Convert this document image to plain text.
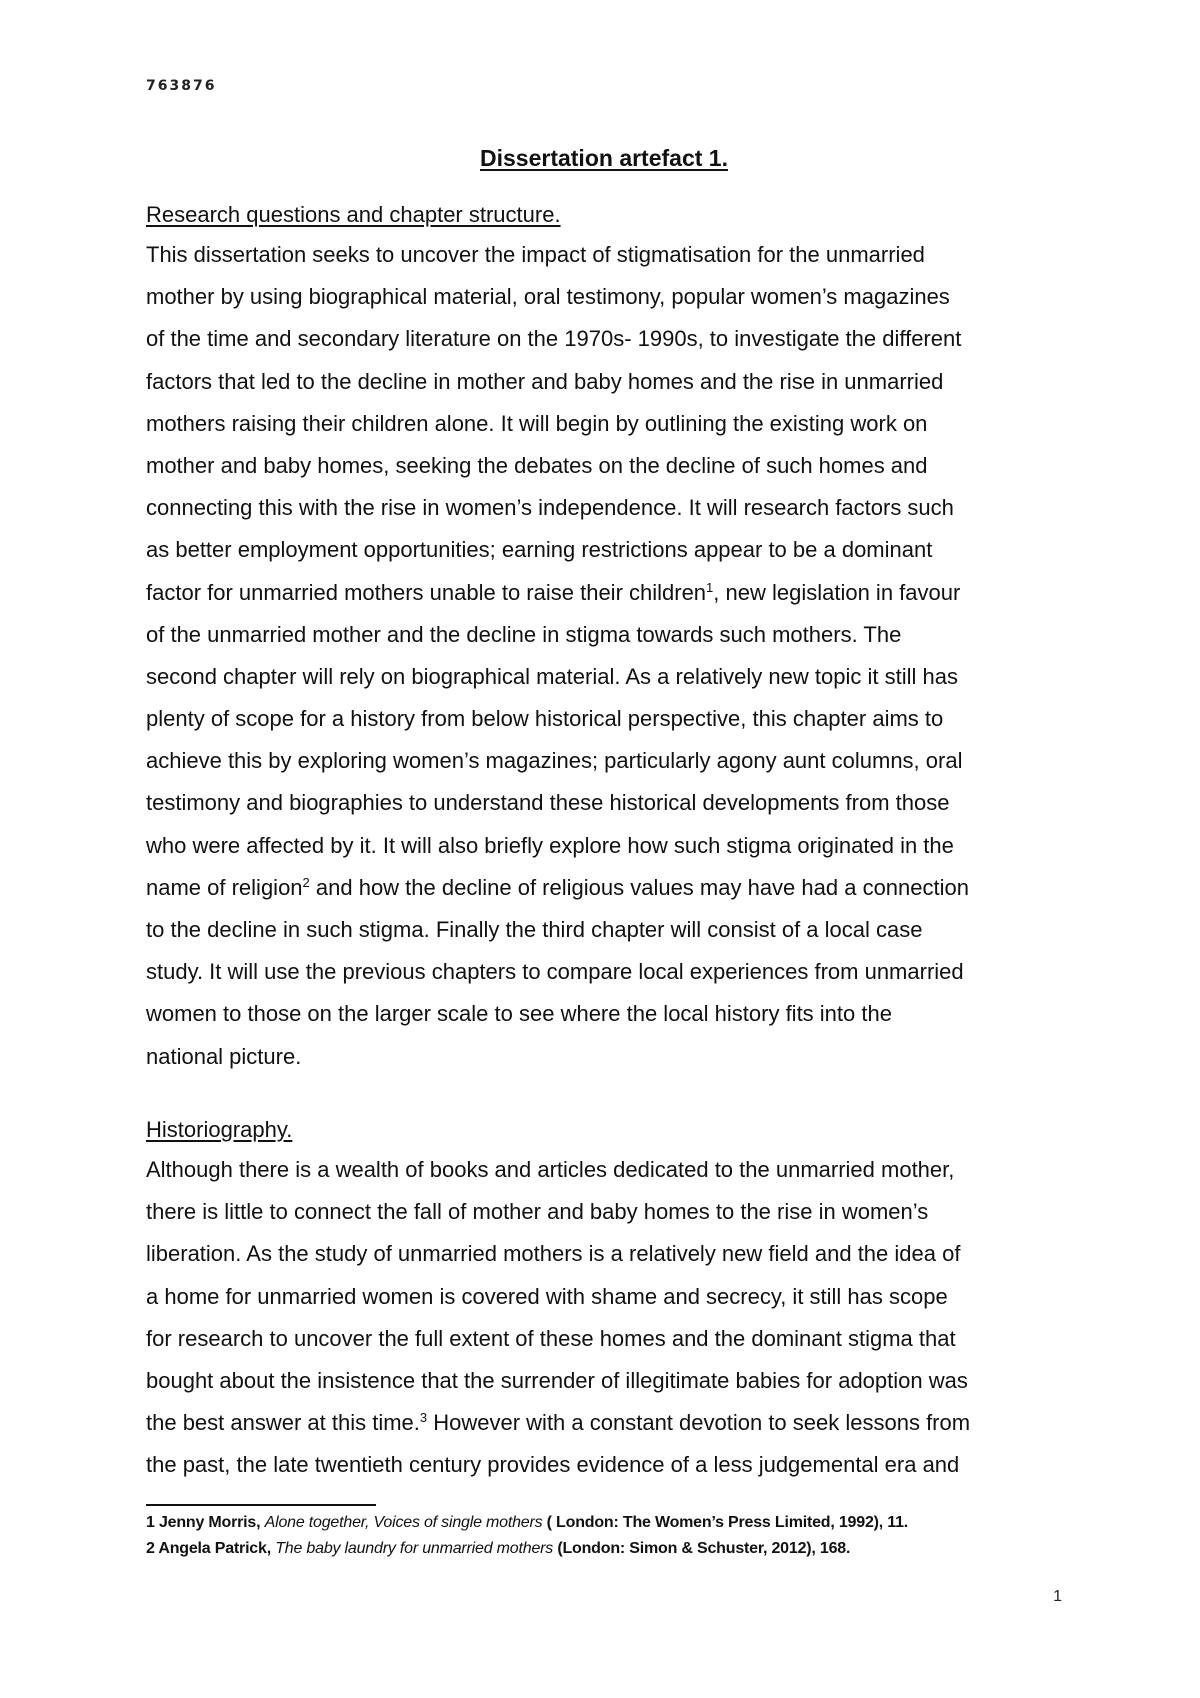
763876
Dissertation artefact 1.
Research questions and chapter structure.
This dissertation seeks to uncover the impact of stigmatisation for the unmarried
mother by using biographical material, oral testimony, popular women’s magazines
of the time and secondary literature on the 1970s- 1990s, to investigate the different
factors that led to the decline in mother and baby homes and the rise in unmarried
mothers raising their children alone. It will begin by outlining the existing work on
mother and baby homes, seeking the debates on the decline of such homes and
connecting this with the rise in women’s independence. It will research factors such
as better employment opportunities; earning restrictions appear to be a dominant
factor for unmarried mothers unable to raise their children$^1$, new legislation in favour
of the unmarried mother and the decline in stigma towards such mothers. The
second chapter will rely on biographical material. As a relatively new topic it still has
plenty of scope for a history from below historical perspective, this chapter aims to
achieve this by exploring women’s magazines; particularly agony aunt columns, oral
testimony and biographies to understand these historical developments from those
who were affected by it. It will also briefly explore how such stigma originated in the
name of religion$^2$ and how the decline of religious values may have had a connection
to the decline in such stigma. Finally the third chapter will consist of a local case
study. It will use the previous chapters to compare local experiences from unmarried
women to those on the larger scale to see where the local history fits into the
national picture.
Historiography.
Although there is a wealth of books and articles dedicated to the unmarried mother,
there is little to connect the fall of mother and baby homes to the rise in women’s
liberation. As the study of unmarried mothers is a relatively new field and the idea of
a home for unmarried women is covered with shame and secrecy, it still has scope
for research to uncover the full extent of these homes and the dominant stigma that
bought about the insistence that the surrender of illegitimate babies for adoption was
the best answer at this time.$^3$ However with a constant devotion to seek lessons from
the past, the late twentieth century provides evidence of a less judgemental era and
1 Jenny Morris, Alone together, Voices of single mothers ( London: The Women’s Press Limited, 1992), 11.
2 Angela Patrick, The baby laundry for unmarried mothers (London: Simon & Schuster, 2012), 168.
1
